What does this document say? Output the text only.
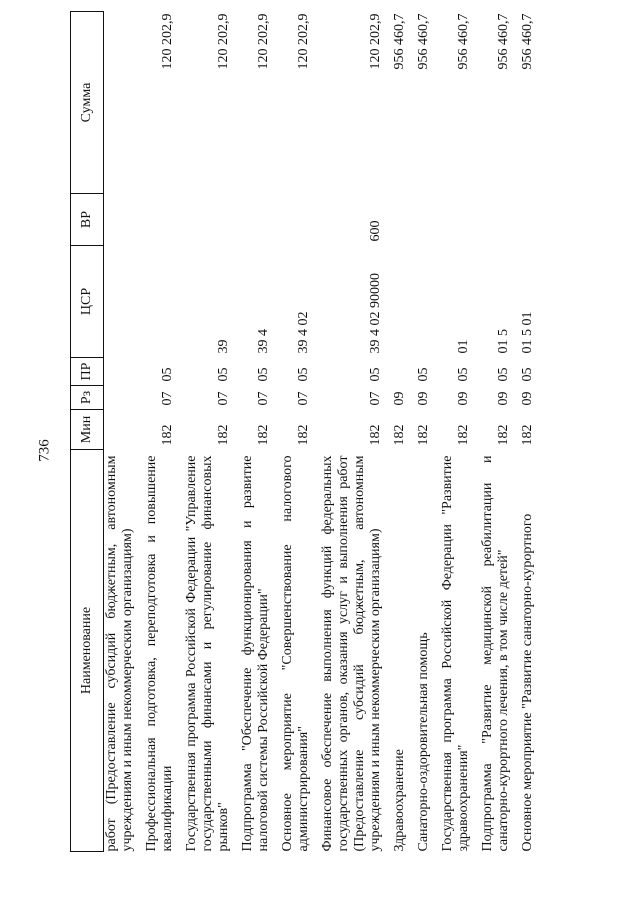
736
Наименование	Мин	Рз	ПР	ЦСР	ВР	Сумма
работ (Предоставление субсидий бюджетным, автономным учреждениям и иным некоммерческим организациям)						
Профессиональная подготовка, переподготовка и повышение квалификации	182	07	05			120 202,9
Государственная программа Российской Федерации "Управление государственными финансами и регулирование финансовых рынков"	182	07	05	39		120 202,9
Подпрограмма "Обеспечение функционирования и развитие налоговой системы Российской Федерации"	182	07	05	39 4		120 202,9
Основное мероприятие "Совершенствование налогового администрирования"	182	07	05	39 4 02		120 202,9
Финансовое обеспечение выполнения функций федеральных государственных органов, оказания услуг и выполнения работ (Предоставление субсидий бюджетным, автономным учреждениям и иным некоммерческим организациям)	182	07	05	39 4 02 90000	600	120 202,9
Здравоохранение	182	09				956 460,7
Санаторно-оздоровительная помощь	182	09	05			956 460,7
Государственная программа Российской Федерации "Развитие здравоохранения"	182	09	05	01		956 460,7
Подпрограмма "Развитие медицинской реабилитации и санаторно-курортного лечения, в том числе детей"	182	09	05	01 5		956 460,7
Основное мероприятие "Развитие санаторно-курортного	182	09	05	01 5 01		956 460,7
